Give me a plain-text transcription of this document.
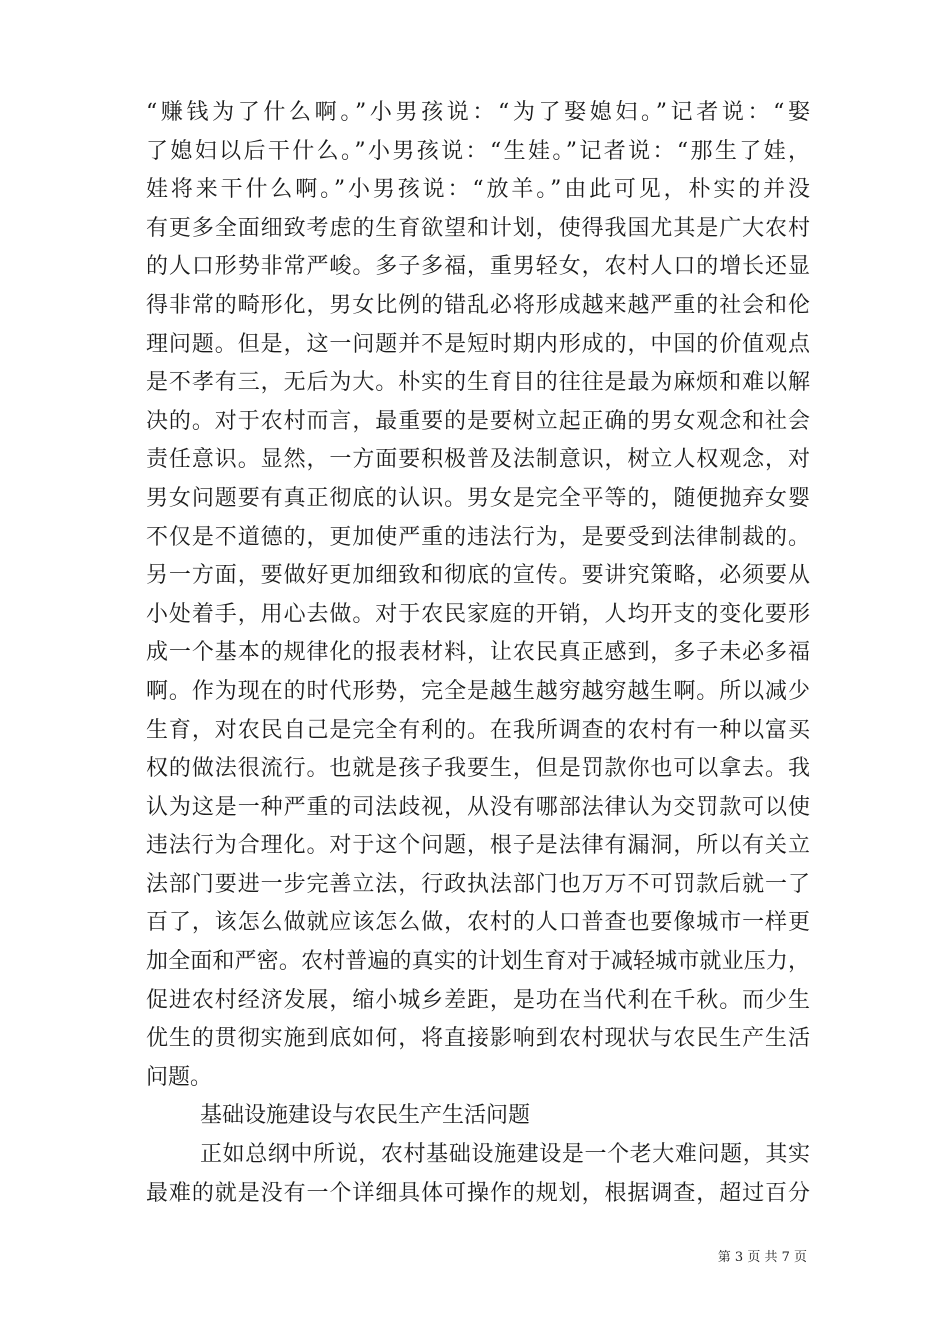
“赚钱为了什么啊。”小男孩说：“为了娶媳妇。”记者说：“娶
了媳妇以后干什么。”小男孩说：“生娃。”记者说：“那生了娃，
娃将来干什么啊。”小男孩说：“放羊。”由此可见，朴实的并没
有更多全面细致考虑的生育欲望和计划，使得我国尤其是广大农村
的人口形势非常严峻。多子多福，重男轻女，农村人口的增长还显
得非常的畸形化，男女比例的错乱必将形成越来越严重的社会和伦
理问题。但是，这一问题并不是短时期内形成的，中国的价值观点
是不孝有三，无后为大。朴实的生育目的往往是最为麻烦和难以解
决的。对于农村而言，最重要的是要树立起正确的男女观念和社会
责任意识。显然，一方面要积极普及法制意识，树立人权观念，对
男女问题要有真正彻底的认识。男女是完全平等的，随便抛弃女婴
不仅是不道德的，更加使严重的违法行为，是要受到法律制裁的。
另一方面，要做好更加细致和彻底的宣传。要讲究策略，必须要从
小处着手，用心去做。对于农民家庭的开销，人均开支的变化要形
成一个基本的规律化的报表材料，让农民真正感到，多子未必多福
啊。作为现在的时代形势，完全是越生越穷越穷越生啊。所以减少
生育，对农民自己是完全有利的。在我所调查的农村有一种以富买
权的做法很流行。也就是孩子我要生，但是罚款你也可以拿去。我
认为这是一种严重的司法歧视，从没有哪部法律认为交罚款可以使
违法行为合理化。对于这个问题，根子是法律有漏洞，所以有关立
法部门要进一步完善立法，行政执法部门也万万不可罚款后就一了
百了，该怎么做就应该怎么做，农村的人口普查也要像城市一样更
加全面和严密。农村普遍的真实的计划生育对于减轻城市就业压力，
促进农村经济发展，缩小城乡差距，是功在当代利在千秋。而少生
优生的贯彻实施到底如何，将直接影响到农村现状与农民生产生活
问题。
基础设施建设与农民生产生活问题
正如总纲中所说，农村基础设施建设是一个老大难问题，其实
最难的就是没有一个详细具体可操作的规划，根据调查，超过百分
第 3 页 共 7 页
